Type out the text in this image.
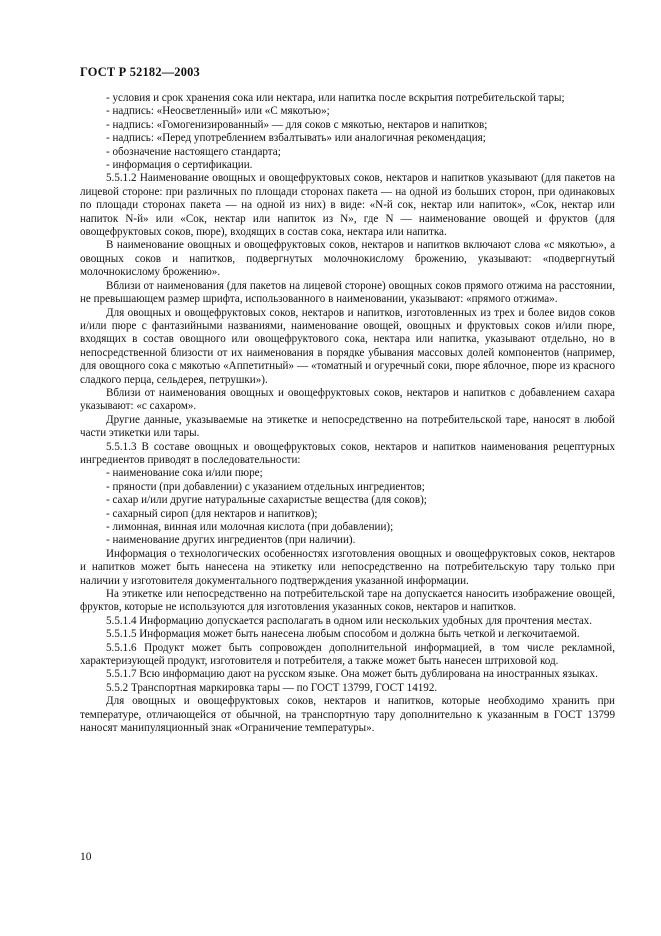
ГОСТ Р 52182—2003

- условия и срок хранения сока или нектара, или напитка после вскрытия потребительской тары;

- надпись: «Неосветленный» или «С мякотью»;

- надпись: «Гомогенизированный» — для соков с мякотью, нектаров и напитков;

- надпись: «Перед употреблением взбалтывать» или аналогичная рекомендация;

- обозначение настоящего стандарта;

- информация о сертификации.

5.5.1.2 Наименование овощных и овощефруктовых соков, нектаров и напитков указывают (для пакетов на лицевой стороне: при различных по площади сторонах пакета — на одной из больших сторон, при одинаковых по площади сторонах пакета — на одной из них) в виде: «N-й сок, нектар или напиток», «Сок, нектар или напиток N-й» или «Сок, нектар или напиток из N», где N — наименование овощей и фруктов (для овощефруктовых соков, пюре), входящих в состав сока, нектара или напитка.

В наименование овощных и овощефруктовых соков, нектаров и напитков включают слова «с мякотью», а овощных соков и напитков, подвергнутых молочнокислому брожению, указывают: «подвергнутый молочнокислому брожению».

Вблизи от наименования (для пакетов на лицевой стороне) овощных соков прямого отжима на расстоянии, не превышающем размер шрифта, использованного в наименовании, указывают: «прямого отжима».

Для овощных и овощефруктовых соков, нектаров и напитков, изготовленных из трех и более видов соков и/или пюре с фантазийными названиями, наименование овощей, овощных и фруктовых соков и/или пюре, входящих в состав овощного или овощефруктового сока, нектара или напитка, указывают отдельно, но в непосредственной близости от их наименования в порядке убывания массовых долей компонентов (например, для овощного сока с мякотью «Аппетитный» — «томатный и огуречный соки, пюре яблочное, пюре из красного сладкого перца, сельдерея, петрушки»).

Вблизи от наименования овощных и овощефруктовых соков, нектаров и напитков с добавлением сахара указывают: «с сахаром».

Другие данные, указываемые на этикетке и непосредственно на потребительской таре, наносят в любой части этикетки или тары.

5.5.1.3 В составе овощных и овощефруктовых соков, нектаров и напитков наименования рецептурных ингредиентов приводят в последовательности:

- наименование сока и/или пюре;

- пряности (при добавлении) с указанием отдельных ингредиентов;

- сахар и/или другие натуральные сахаристые вещества (для соков);

- сахарный сироп (для нектаров и напитков);

- лимонная, винная или молочная кислота (при добавлении);

- наименование других ингредиентов (при наличии).

Информация о технологических особенностях изготовления овощных и овощефруктовых соков, нектаров и напитков может быть нанесена на этикетку или непосредственно на потребительскую тару только при наличии у изготовителя документального подтверждения указанной информации.

На этикетке или непосредственно на потребительской таре на допускается наносить изображение овощей, фруктов, которые не используются для изготовления указанных соков, нектаров и напитков.

5.5.1.4 Информацию допускается располагать в одном или нескольких удобных для прочтения местах.

5.5.1.5 Информация может быть нанесена любым способом и должна быть четкой и легкочитаемой.

5.5.1.6 Продукт может быть сопровожден дополнительной информацией, в том числе рекламной, характеризующей продукт, изготовителя и потребителя, а также может быть нанесен штриховой код.

5.5.1.7 Всю информацию дают на русском языке. Она может быть дублирована на иностранных языках.

5.5.2 Транспортная маркировка тары — по ГОСТ 13799, ГОСТ 14192.

Для овощных и овощефруктовых соков, нектаров и напитков, которые необходимо хранить при температуре, отличающейся от обычной, на транспортную тару дополнительно к указанным в ГОСТ 13799 наносят манипуляционный знак «Ограничение температуры».

10
